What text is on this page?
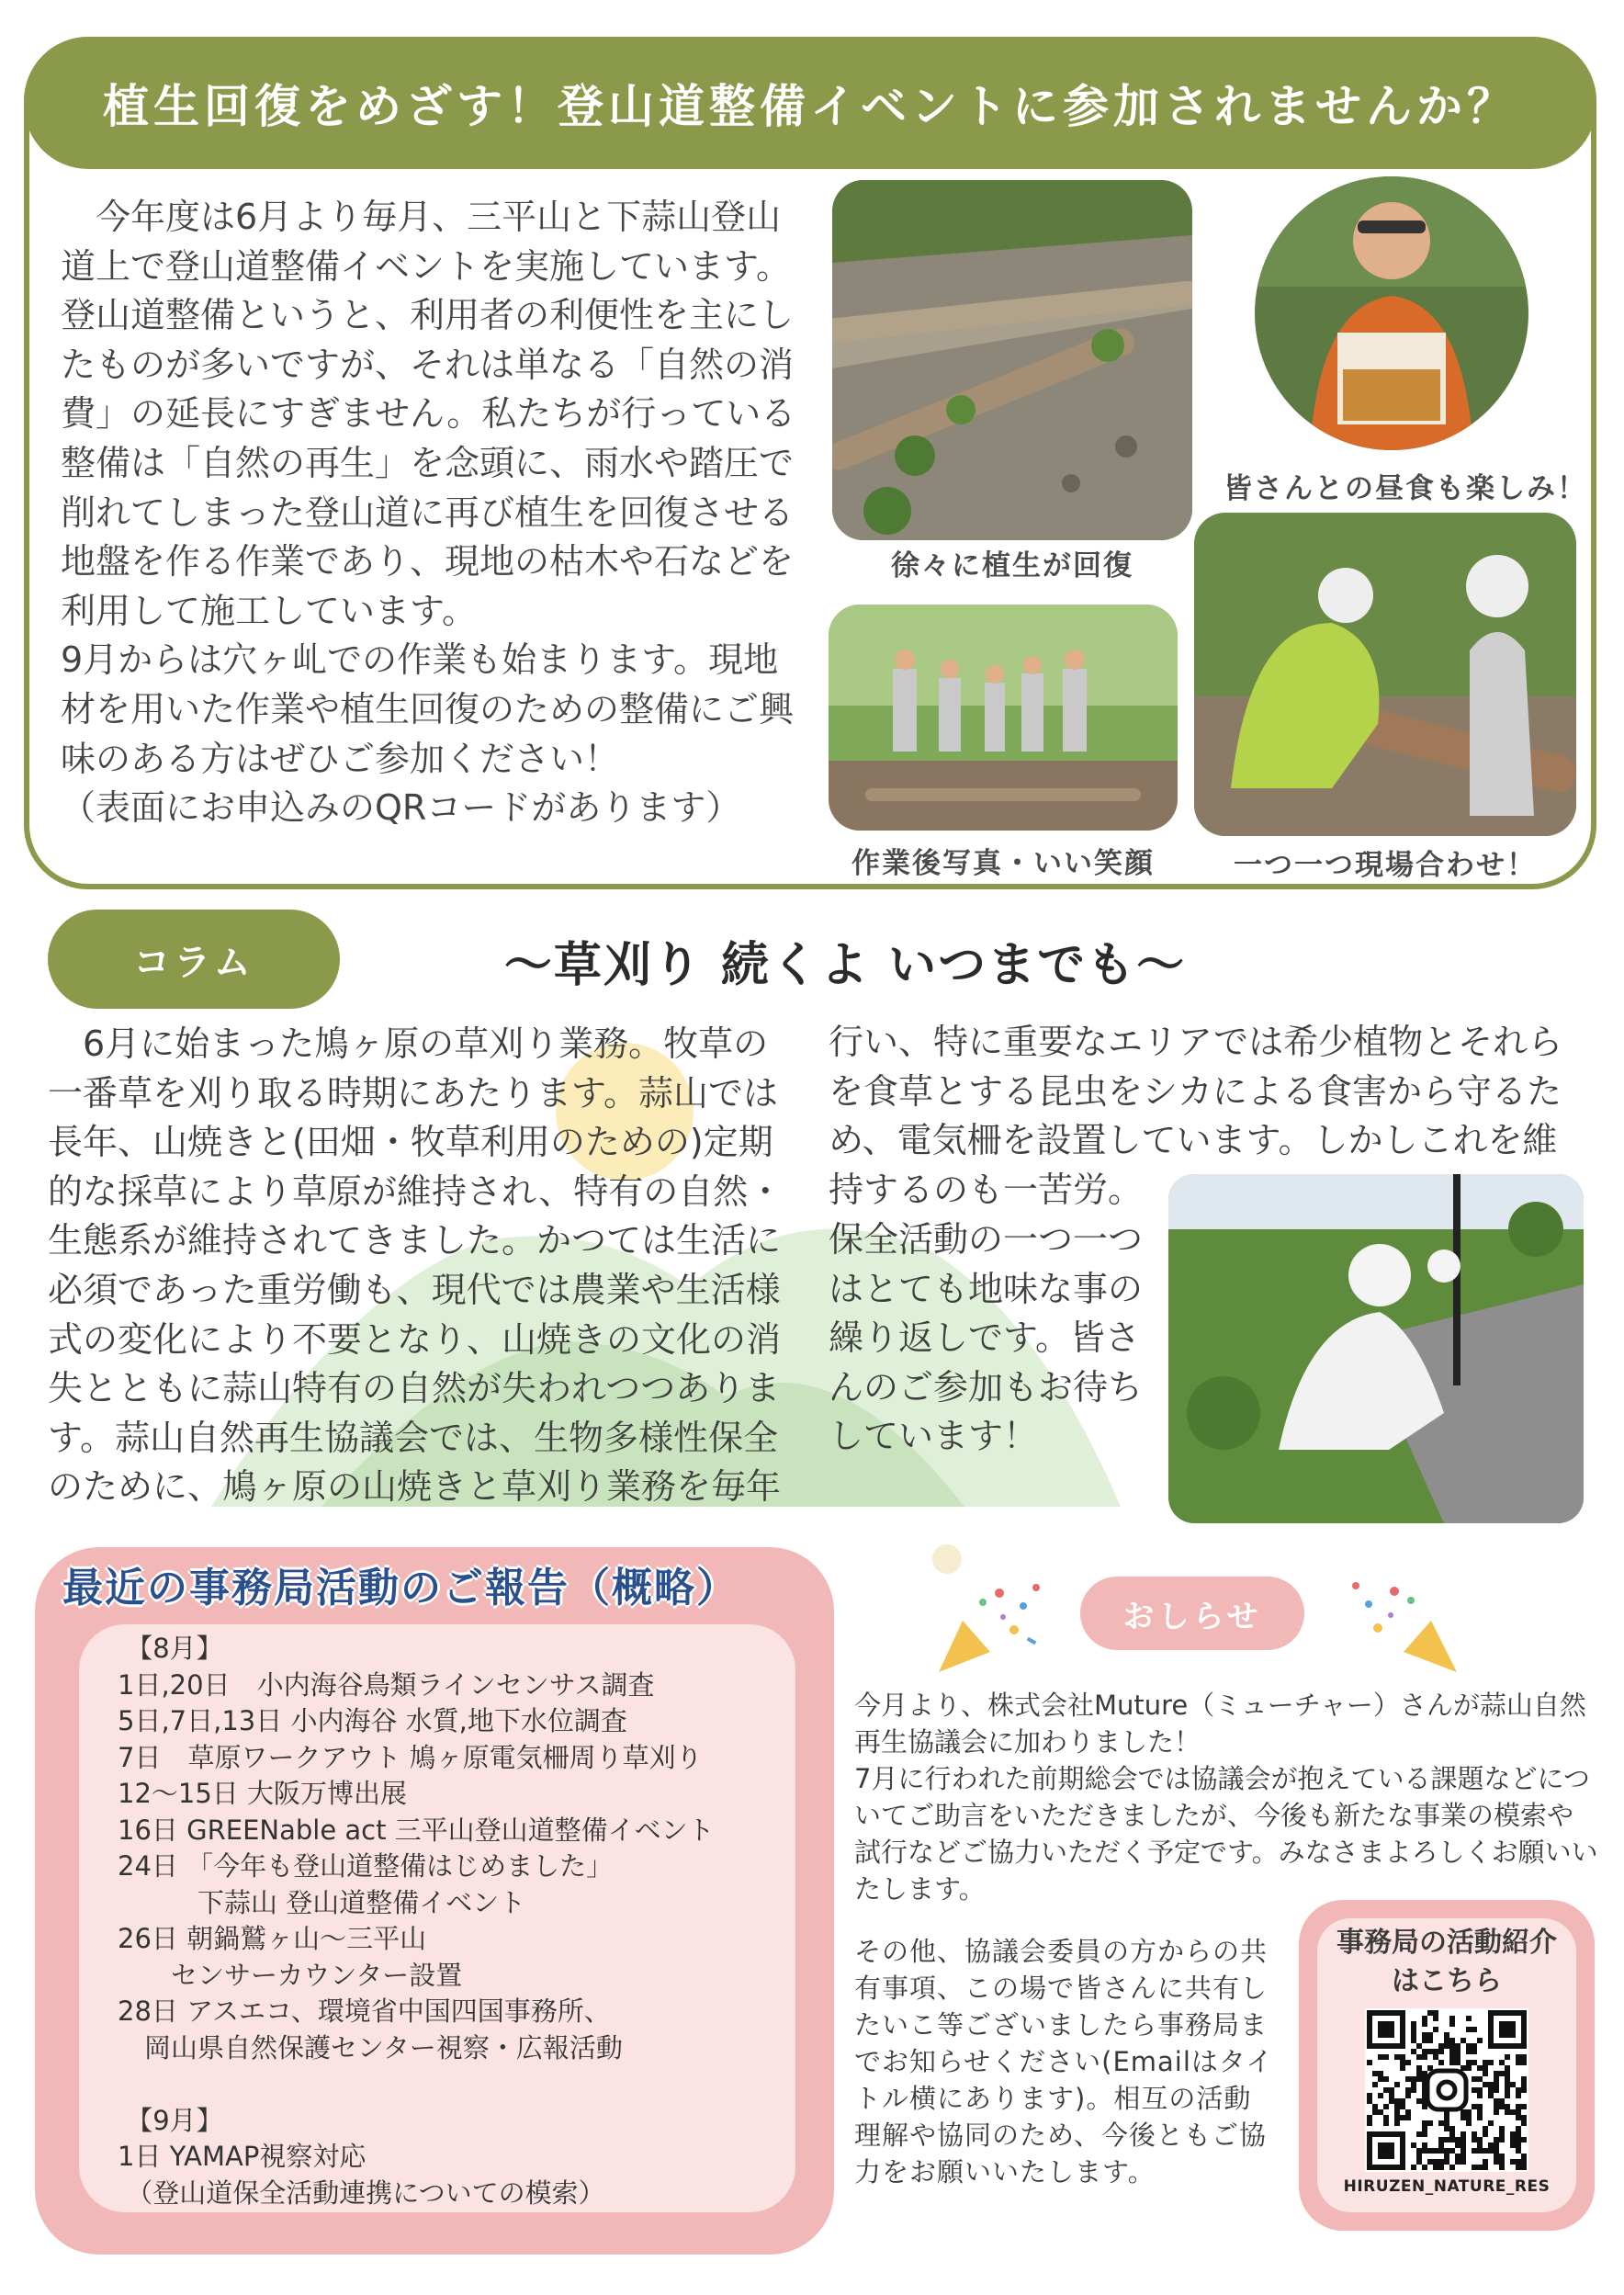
植生回復をめざす！登山道整備イベントに参加されませんか？

　今年度は6月より毎月、三平山と下蒜山登山道上で登山道整備イベントを実施しています。登山道整備というと、利用者の利便性を主にしたものが多いですが、それは単なる「自然の消費」の延長にすぎません。私たちが行っている整備は「自然の再生」を念頭に、雨水や踏圧で削れてしまった登山道に再び植生を回復させる地盤を作る作業であり、現地の枯木や石などを利用して施工しています。

9月からは穴ヶ乢での作業も始まります。現地材を用いた作業や植生回復のための整備にご興味のある方はぜひご参加ください！

（表面にお申込みのQRコードがあります）

徐々に植生が回復
皆さんとの昼食も楽しみ！
作業後写真・いい笑顔	一つ一つ現場合わせ！
コラム	〜草刈り 続くよ いつまでも〜
　6月に始まった鳩ヶ原の草刈り業務。牧草の一番草を刈り取る時期にあたります。蒜山では長年、山焼きと(田畑・牧草利用のための)定期的な採草により草原が維持され、特有の自然・生態系が維持されてきました。かつては生活に必須であった重労働も、現代では農業や生活様式の変化により不要となり、山焼きの文化の消失とともに蒜山特有の自然が失われつつあります。蒜山自然再生協議会では、生物多様性保全のために、鳩ヶ原の山焼きと草刈り業務を毎年
行い、特に重要なエリアでは希少植物とそれらを食草とする昆虫をシカによる食害から守るため、電気柵を設置しています。しかしこれを維持するのも一苦労。
保全活動の一つ一つはとても地味な事の繰り返しです。皆さんのご参加もお待ちしています！
最近の事務局活動のご報告（概略）
【8月】
1日,20日　小内海谷鳥類ラインセンサス調査
5日,7日,13日 小内海谷 水質,地下水位調査
7日　草原ワークアウト 鳩ヶ原電気柵周り草刈り
12〜15日 大阪万博出展
16日 GREENable act 三平山登山道整備イベント
24日 「今年も登山道整備はじめました」
　　　下蒜山 登山道整備イベント
26日 朝鍋鷲ヶ山〜三平山
　　センサーカウンター設置
28日 アスエコ、環境省中国四国事務所、
　岡山県自然保護センター視察・広報活動

【9月】
1日 YAMAP視察対応
（登山道保全活動連携についての模索）
おしらせ
今月より、株式会社Muture（ミューチャー）さんが蒜山自然再生協議会に加わりました！
7月に行われた前期総会では協議会が抱えている課題などについてご助言をいただきましたが、今後も新たな事業の模索や試行などご協力いただく予定です。みなさまよろしくお願いいたします。
その他、協議会委員の方からの共有事項、この場で皆さんに共有したいこ等ございましたら事務局までお知らせください(Emailはタイトル横にあります)。相互の活動理解や協同のため、今後ともご協力をお願いいたします。
事務局の活動紹介
はこちら
HIRUZEN_NATURE_RES
